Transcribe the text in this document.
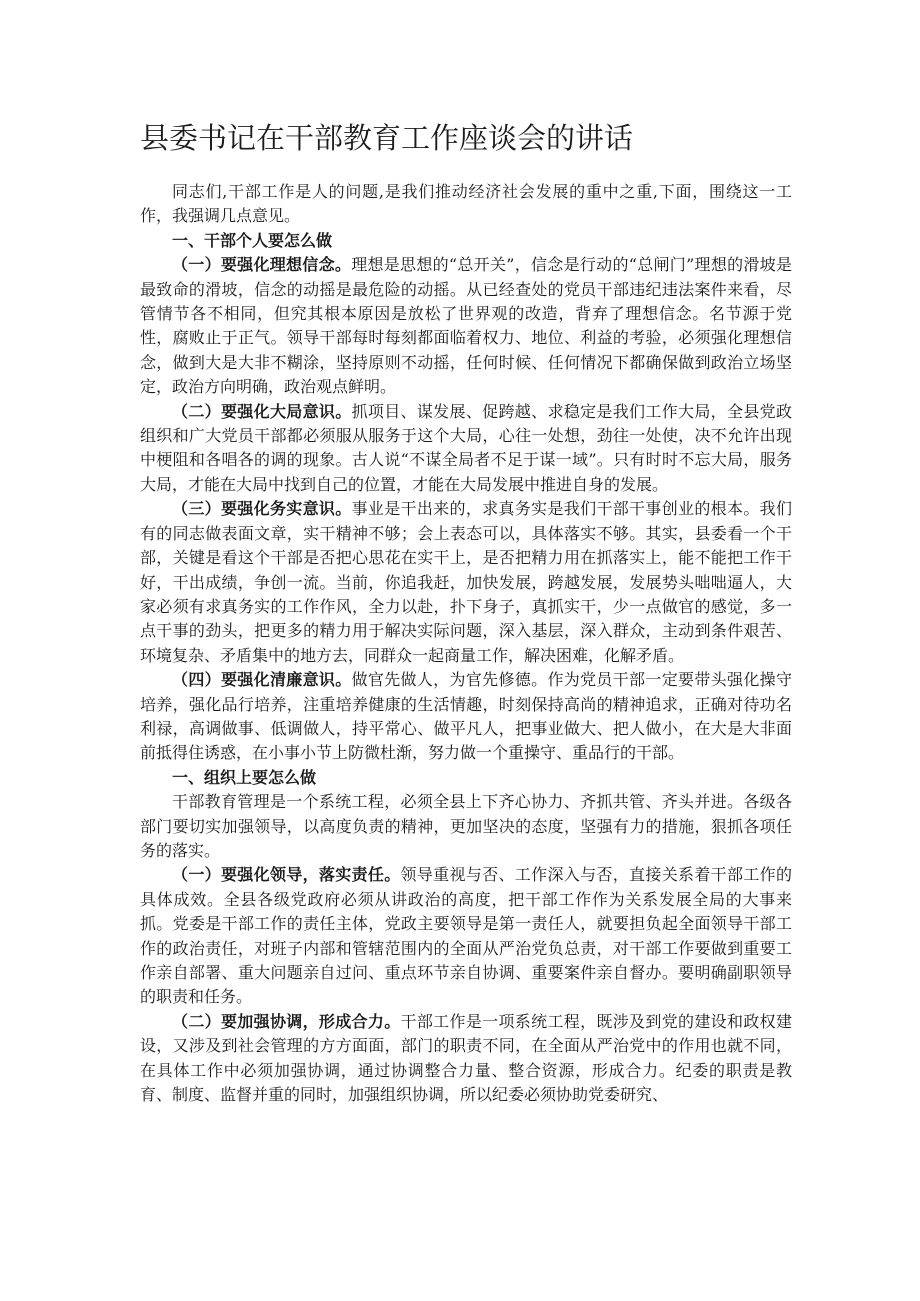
县委书记在干部教育工作座谈会的讲话

同志们,干部工作是人的问题,是我们推动经济社会发展的重中之重,下面，围绕这一工作，我强调几点意见。

一、干部个人要怎么做

（一）要强化理想信念。理想是思想的“总开关”，信念是行动的“总闸门”理想的滑坡是最致命的滑坡，信念的动摇是最危险的动摇。从已经查处的党员干部违纪违法案件来看，尽管情节各不相同，但究其根本原因是放松了世界观的改造，背弃了理想信念。名节源于党性，腐败止于正气。领导干部每时每刻都面临着权力、地位、利益的考验，必须强化理想信念，做到大是大非不糊涂，坚持原则不动摇，任何时候、任何情况下都确保做到政治立场坚定，政治方向明确，政治观点鲜明。

（二）要强化大局意识。抓项目、谋发展、促跨越、求稳定是我们工作大局，全县党政组织和广大党员干部都必须服从服务于这个大局，心往一处想，劲往一处使，决不允许出现中梗阻和各唱各的调的现象。古人说“不谋全局者不足于谋一域”。只有时时不忘大局，服务大局，才能在大局中找到自己的位置，才能在大局发展中推进自身的发展。

（三）要强化务实意识。事业是干出来的，求真务实是我们干部干事创业的根本。我们有的同志做表面文章，实干精神不够；会上表态可以，具体落实不够。其实，县委看一个干部，关键是看这个干部是否把心思花在实干上，是否把精力用在抓落实上，能不能把工作干好，干出成绩，争创一流。当前，你追我赶，加快发展，跨越发展，发展势头咄咄逼人，大家必须有求真务实的工作作风，全力以赴，扑下身子，真抓实干，少一点做官的感觉，多一点干事的劲头，把更多的精力用于解决实际问题，深入基层，深入群众，主动到条件艰苦、环境复杂、矛盾集中的地方去，同群众一起商量工作，解决困难，化解矛盾。

（四）要强化清廉意识。做官先做人，为官先修德。作为党员干部一定要带头强化操守培养，强化品行培养，注重培养健康的生活情趣，时刻保持高尚的精神追求，正确对待功名利禄，高调做事、低调做人，持平常心、做平凡人，把事业做大、把人做小，在大是大非面前抵得住诱惑，在小事小节上防微杜渐，努力做一个重操守、重品行的干部。

一、组织上要怎么做

干部教育管理是一个系统工程，必须全县上下齐心协力、齐抓共管、齐头并进。各级各部门要切实加强领导，以高度负责的精神，更加坚决的态度，坚强有力的措施，狠抓各项任务的落实。

（一）要强化领导，落实责任。领导重视与否、工作深入与否，直接关系着干部工作的具体成效。全县各级党政府必须从讲政治的高度，把干部工作作为关系发展全局的大事来抓。党委是干部工作的责任主体，党政主要领导是第一责任人，就要担负起全面领导干部工作的政治责任，对班子内部和管辖范围内的全面从严治党负总责，对干部工作要做到重要工作亲自部署、重大问题亲自过问、重点环节亲自协调、重要案件亲自督办。要明确副职领导的职责和任务。

（二）要加强协调，形成合力。干部工作是一项系统工程，既涉及到党的建设和政权建设，又涉及到社会管理的方方面面，部门的职责不同，在全面从严治党中的作用也就不同，在具体工作中必须加强协调，通过协调整合力量、整合资源，形成合力。纪委的职责是教育、制度、监督并重的同时，加强组织协调，所以纪委必须协助党委研究、
